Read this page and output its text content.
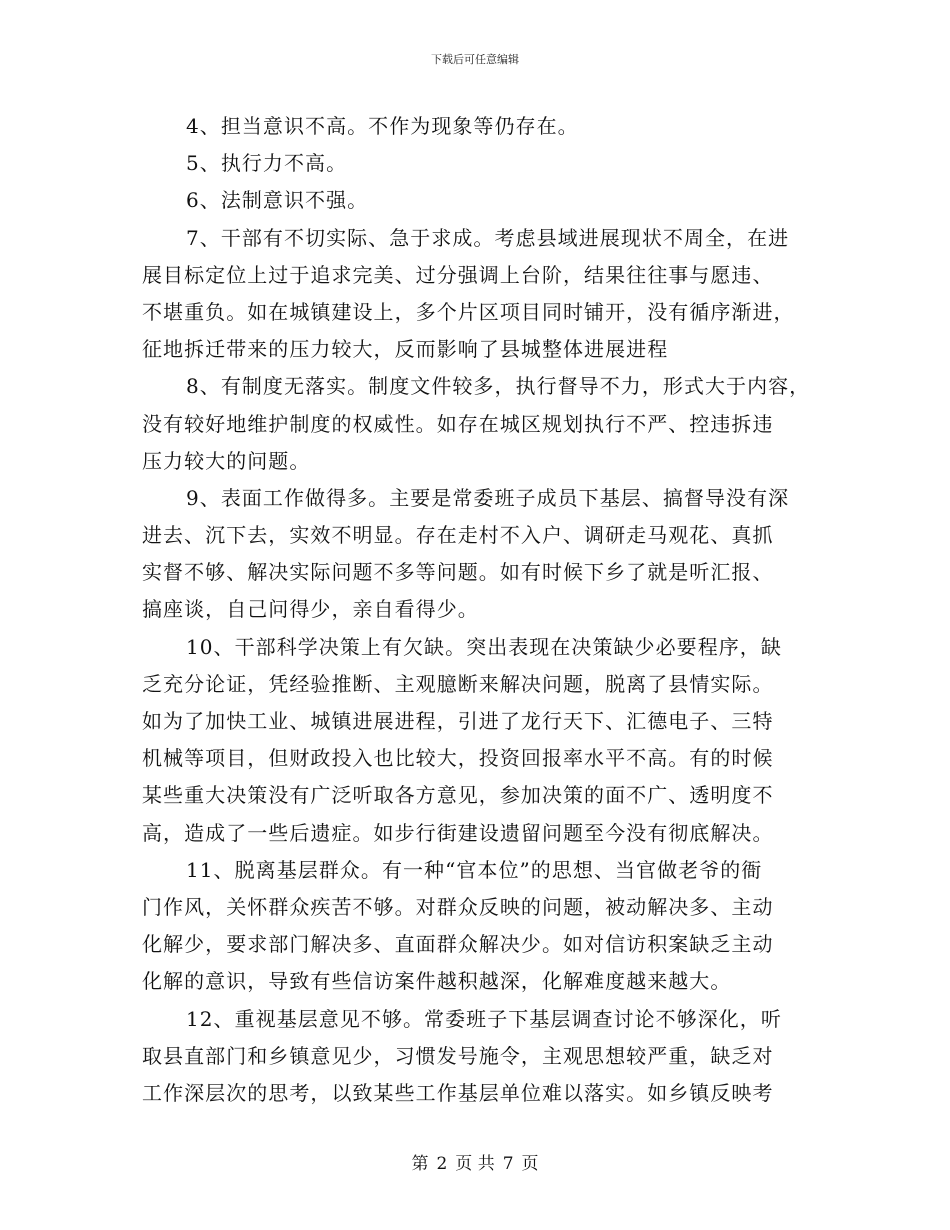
下载后可任意编辑
4、担当意识不高。不作为现象等仍存在。
5、执行力不高。
6、法制意识不强。
7、干部有不切实际、急于求成。考虑县域进展现状不周全，在进
展目标定位上过于追求完美、过分强调上台阶，结果往往事与愿违、
不堪重负。如在城镇建设上，多个片区项目同时铺开，没有循序渐进，
征地拆迁带来的压力较大，反而影响了县城整体进展进程
8、有制度无落实。制度文件较多，执行督导不力，形式大于内容，
没有较好地维护制度的权威性。如存在城区规划执行不严、控违拆违
压力较大的问题。
9、表面工作做得多。主要是常委班子成员下基层、搞督导没有深
进去、沉下去，实效不明显。存在走村不入户、调研走马观花、真抓
实督不够、解决实际问题不多等问题。如有时候下乡了就是听汇报、
搞座谈，自己问得少，亲自看得少。
10、干部科学决策上有欠缺。突出表现在决策缺少必要程序，缺
乏充分论证，凭经验推断、主观臆断来解决问题，脱离了县情实际。
如为了加快工业、城镇进展进程，引进了龙行天下、汇德电子、三特
机械等项目，但财政投入也比较大，投资回报率水平不高。有的时候
某些重大决策没有广泛听取各方意见，参加决策的面不广、透明度不
高，造成了一些后遗症。如步行街建设遗留问题至今没有彻底解决。
11、脱离基层群众。有一种“官本位”的思想、当官做老爷的衙
门作风，关怀群众疾苦不够。对群众反映的问题，被动解决多、主动
化解少，要求部门解决多、直面群众解决少。如对信访积案缺乏主动
化解的意识，导致有些信访案件越积越深，化解难度越来越大。
12、重视基层意见不够。常委班子下基层调查讨论不够深化，听
取县直部门和乡镇意见少，习惯发号施令，主观思想较严重，缺乏对
工作深层次的思考，以致某些工作基层单位难以落实。如乡镇反映考
第 2 页 共 7 页
